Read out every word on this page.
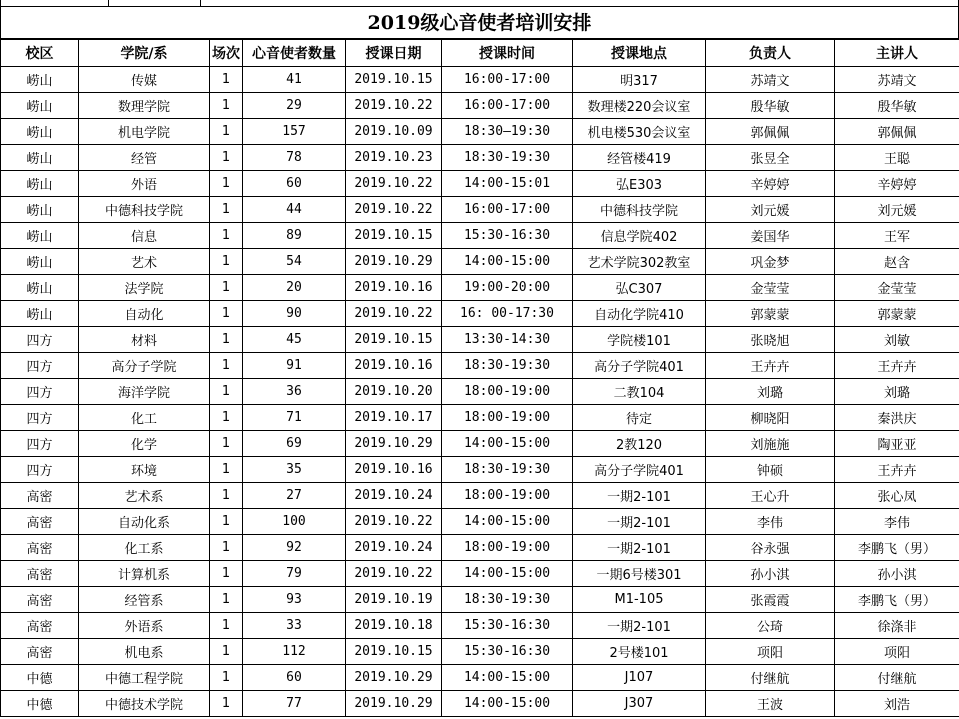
2019级心音使者培训安排
校区	学院/系	场次	心音使者数量	授课日期	授课时间	授课地点	负责人	主讲人
崂山	传媒	1	41	2019.10.15	16:00-17:00	明317	苏靖文	苏靖文
崂山	数理学院	1	29	2019.10.22	16:00-17:00	数理楼220会议室	殷华敏	殷华敏
崂山	机电学院	1	157	2019.10.09	18:30—19:30	机电楼530会议室	郭佩佩	郭佩佩
崂山	经管	1	78	2019.10.23	18:30-19:30	经管楼419	张昱全	王聪
崂山	外语	1	60	2019.10.22	14:00-15:01	弘E303	辛婷婷	辛婷婷
崂山	中德科技学院	1	44	2019.10.22	16:00-17:00	中德科技学院	刘元媛	刘元媛
崂山	信息	1	89	2019.10.15	15:30-16:30	信息学院402	姜国华	王军
崂山	艺术	1	54	2019.10.29	14:00-15:00	艺术学院302教室	巩金梦	赵含
崂山	法学院	1	20	2019.10.16	19:00-20:00	弘C307	金莹莹	金莹莹
崂山	自动化	1	90	2019.10.22	16: 00-17:30	自动化学院410	郭蒙蒙	郭蒙蒙
四方	材料	1	45	2019.10.15	13:30-14:30	学院楼101	张晓旭	刘敏
四方	高分子学院	1	91	2019.10.16	18:30-19:30	高分子学院401	王卉卉	王卉卉
四方	海洋学院	1	36	2019.10.20	18:00-19:00	二教104	刘璐	刘璐
四方	化工	1	71	2019.10.17	18:00-19:00	待定	柳晓阳	秦洪庆
四方	化学	1	69	2019.10.29	14:00-15:00	2教120	刘施施	陶亚亚
四方	环境	1	35	2019.10.16	18:30-19:30	高分子学院401	钟硕	王卉卉
高密	艺术系	1	27	2019.10.24	18:00-19:00	一期2-101	王心升	张心凤
高密	自动化系	1	100	2019.10.22	14:00-15:00	一期2-101	李伟	李伟
高密	化工系	1	92	2019.10.24	18:00-19:00	一期2-101	谷永强	李鹏飞（男）
高密	计算机系	1	79	2019.10.22	14:00-15:00	一期6号楼301	孙小淇	孙小淇
高密	经管系	1	93	2019.10.19	18:30-19:30	M1-105	张霞霞	李鹏飞（男）
高密	外语系	1	33	2019.10.18	15:30-16:30	一期2-101	公琦	徐涤非
高密	机电系	1	112	2019.10.15	15:30-16:30	2号楼101	项阳	项阳
中德	中德工程学院	1	60	2019.10.29	14:00-15:00	J107	付继航	付继航
中德	中德技术学院	1	77	2019.10.29	14:00-15:00	J307	王波	刘浩
